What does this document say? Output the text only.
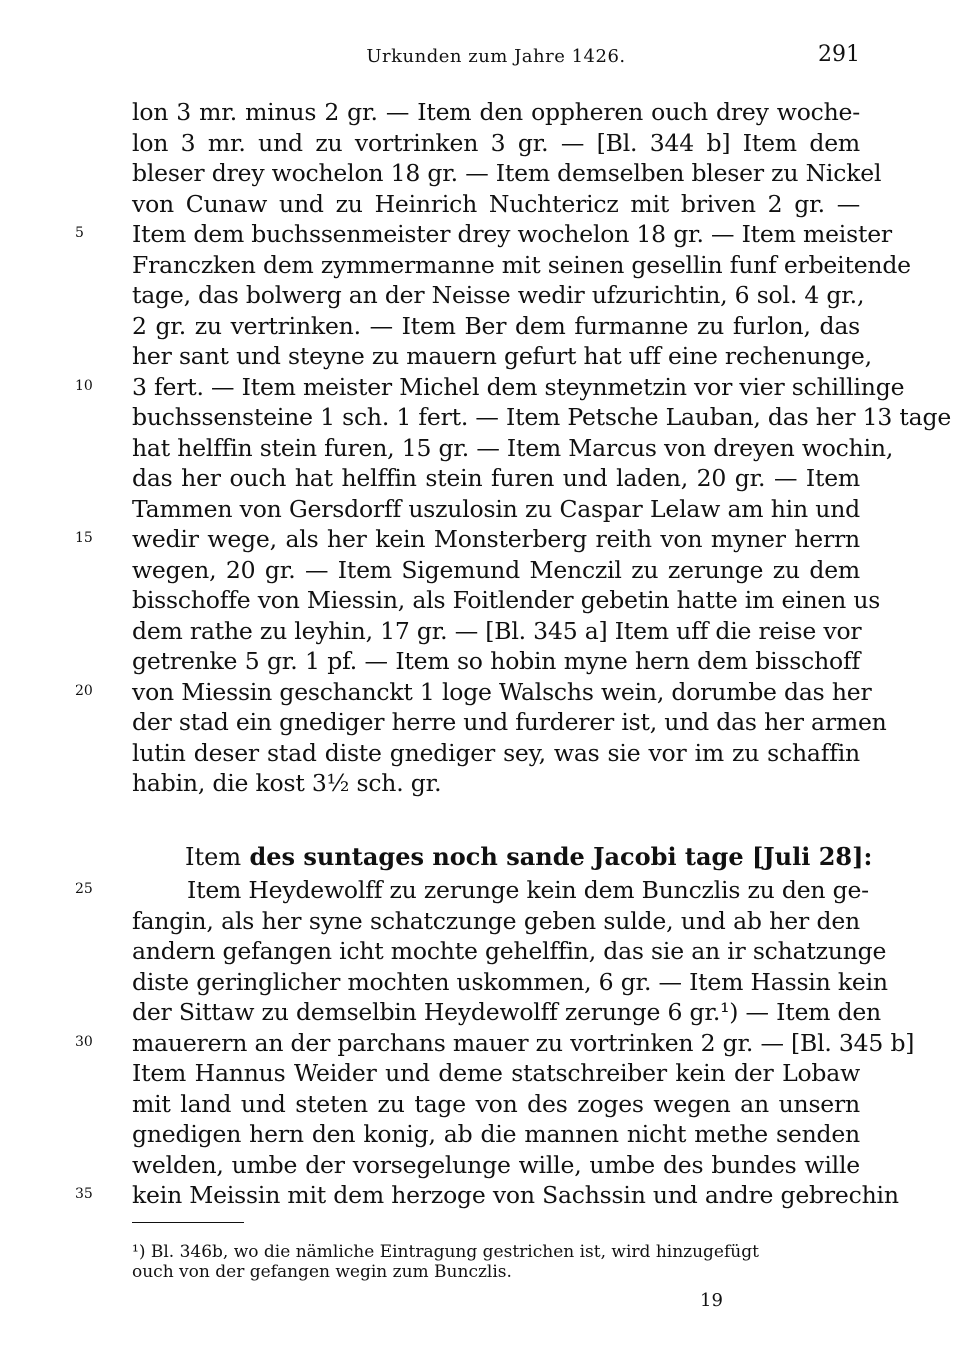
Urkunden zum Jahre 1426.	291
lon 3 mr. minus 2 gr. — Item den oppheren ouch drey woche-
lon 3 mr. und zu vortrinken 3 gr. — [Bl. 344 b] Item dem
bleser drey wochelon 18 gr. — Item demselben bleser zu Nickel
von Cunaw und zu Heinrich Nuchtericz mit briven 2 gr. —
Item dem buchssenmeister drey wochelon 18 gr. — Item meister
Franczken dem zymmermanne mit seinen gesellin funf erbeitende
tage, das bolwerg an der Neisse wedir ufzurichtin, 6 sol. 4 gr.,
2 gr. zu vertrinken. — Item Ber dem furmanne zu furlon, das
her sant und steyne zu mauern gefurt hat uff eine rechenunge,
3 fert. — Item meister Michel dem steynmetzin vor vier schillinge
buchssensteine 1 sch. 1 fert. — Item Petsche Lauban, das her 13 tage
hat helffin stein furen, 15 gr. — Item Marcus von dreyen wochin,
das her ouch hat helffin stein furen und laden, 20 gr. — Item
Tammen von Gersdorff uszulosin zu Caspar Lelaw am hin und
wedir wege, als her kein Monsterberg reith von myner herrn
wegen, 20 gr. — Item Sigemund Menczil zu zerunge zu dem
bisschoffe von Miessin, als Foitlender gebetin hatte im einen us
dem rathe zu leyhin, 17 gr. — [Bl. 345 a] Item uff die reise vor
getrenke 5 gr. 1 pf. — Item so hobin myne hern dem bisschoff
von Miessin geschanckt 1 loge Walschs wein, dorumbe das her
der stad ein gnediger herre und furderer ist, und das her armen
lutin deser stad diste gnediger sey, was sie vor im zu schaffin
habin, die kost 3½ sch. gr.
Item des suntages noch sande Jacobi tage [Juli 28]:
Item Heydewolff zu zerunge kein dem Bunczlis zu den ge-
fangin, als her syne schatczunge geben sulde, und ab her den
andern gefangen icht mochte gehelffin, das sie an ir schatzunge
diste geringlicher mochten uskommen, 6 gr. — Item Hassin kein
der Sittaw zu demselbin Heydewolff zerunge 6 gr.¹) — Item den
mauerern an der parchans mauer zu vortrinken 2 gr. — [Bl. 345 b]
Item Hannus Weider und deme statschreiber kein der Lobaw
mit land und steten zu tage von des zoges wegen an unsern
gnedigen hern den konig, ab die mannen nicht methe senden
welden, umbe der vorsegelunge wille, umbe des bundes wille
kein Meissin mit dem herzoge von Sachssin und andre gebrechin
¹) Bl. 346b, wo die nämliche Eintragung gestrichen ist, wird hinzugefügt
ouch von der gefangen wegin zum Bunczlis.
19
5
10
15
20
25
30
35
